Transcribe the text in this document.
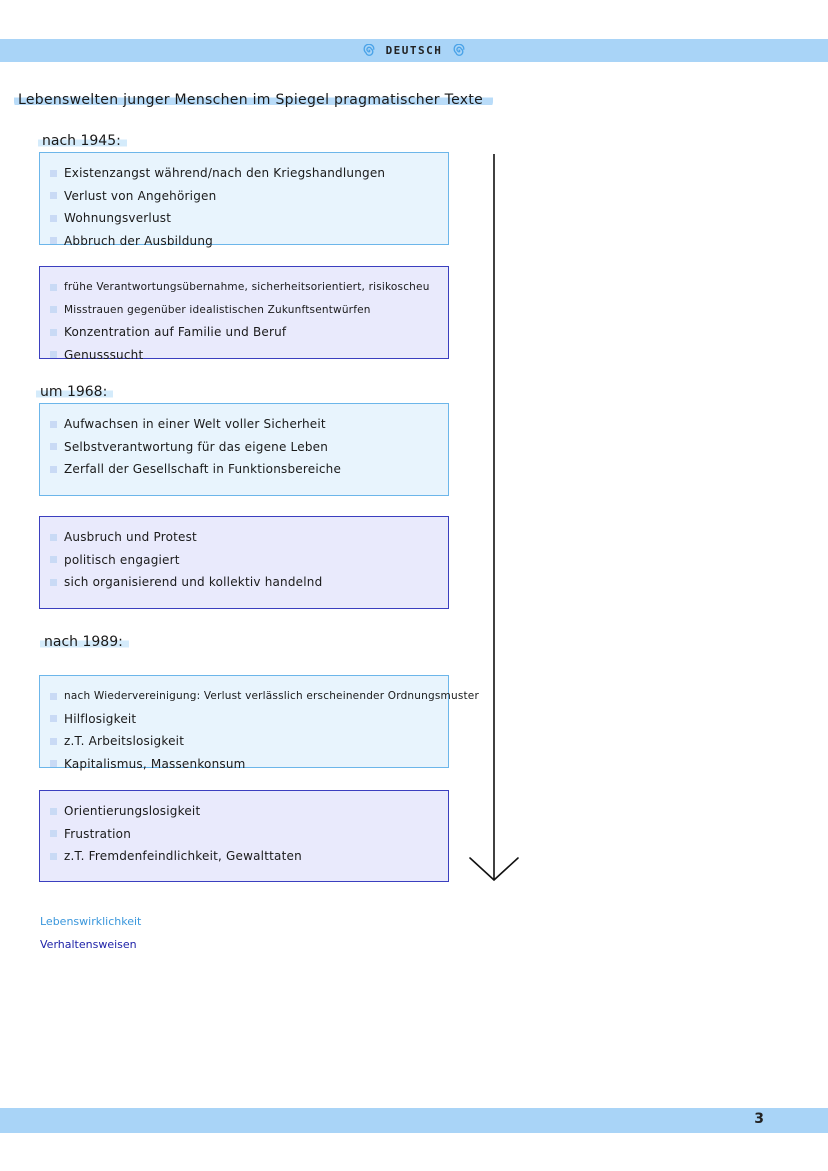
DEUTSCH
Lebenswelten junger Menschen im Spiegel pragmatischer Texte
nach 1945:
Existenzangst während/nach den Kriegshandlungen
Verlust von Angehörigen
Wohnungsverlust
Abbruch der Ausbildung
frühe Verantwortungsübernahme, sicherheitsorientiert, risikoscheu
Misstrauen gegenüber idealistischen Zukunftsentwürfen
Konzentration auf Familie und Beruf
Genusssucht
um 1968:
Aufwachsen in einer Welt voller Sicherheit
Selbstverantwortung für das eigene Leben
Zerfall der Gesellschaft in Funktionsbereiche
Ausbruch und Protest
politisch engagiert
sich organisierend und kollektiv handelnd
nach 1989:
nach Wiedervereinigung: Verlust verlässlich erscheinender Ordnungsmuster
Hilflosigkeit
z.T. Arbeitslosigkeit
Kapitalismus, Massenkonsum
Orientierungslosigkeit
Frustration
z.T. Fremdenfeindlichkeit, Gewalttaten
Lebenswirklichkeit
Verhaltensweisen
3
